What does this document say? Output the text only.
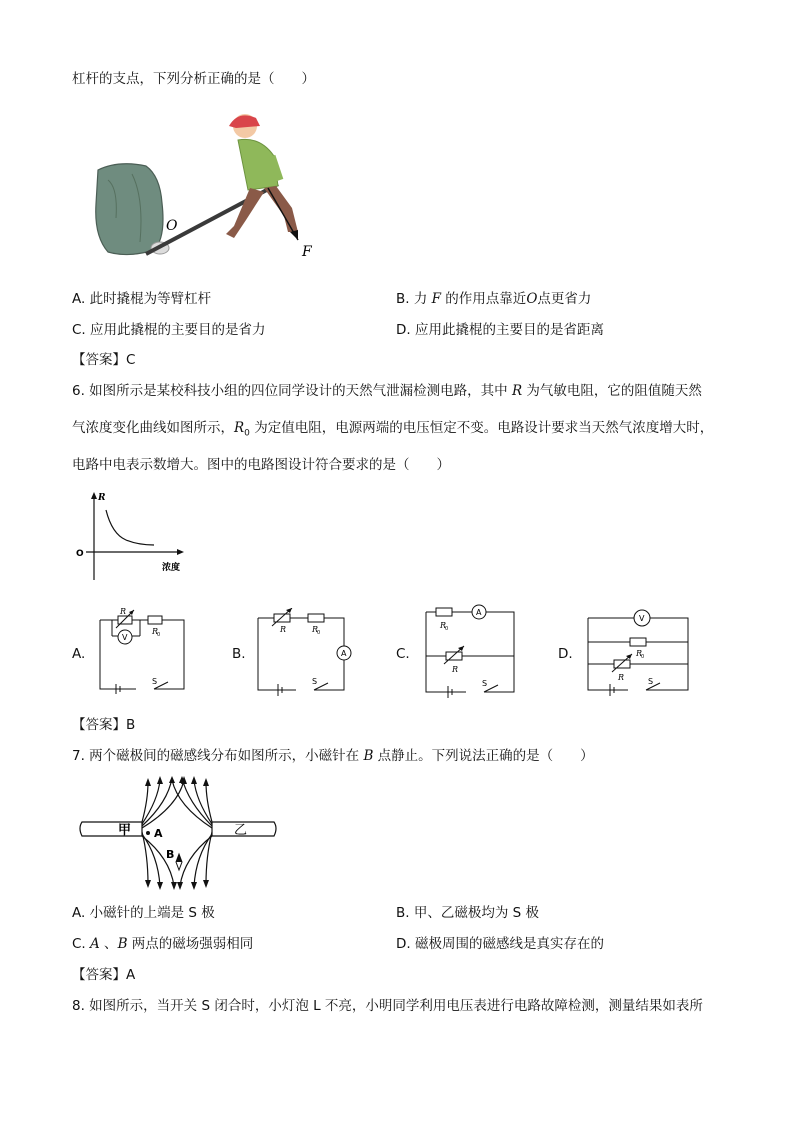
杠杆的支点，下列分析正确的是（　　）
O
F
A. 此时撬棍为等臂杠杆	B. 力 F 的作用点靠近O点更省力
C. 应用此撬棍的主要目的是省力	D. 应用此撬棍的主要目的是省距离
【答案】C
6. 如图所示是某校科技小组的四位同学设计的天然气泄漏检测电路，其中 R 为气敏电阻，它的阻值随天然
气浓度变化曲线如图所示，$R_0$ 为定值电阻，电源两端的电压恒定不变。电路设计要求当天然气浓度增大时，
电路中电表示数增大。图中的电路图设计符合要求的是（　　）
R
O
浓度
A.	B.	C.	D.
R
R
0
V
S
R	R
0
A
S
R
0
A
R
S
V
R
0
R	S
【答案】B
7. 两个磁极间的磁感线分布如图所示，小磁针在 B 点静止。下列说法正确的是（　　）
甲	乙
A
B
A. 小磁针的上端是 S 极	B. 甲、乙磁极均为 S 极
C. A 、B 两点的磁场强弱相同	D. 磁极周围的磁感线是真实存在的
【答案】A
8. 如图所示，当开关 S 闭合时，小灯泡 L 不亮，小明同学利用电压表进行电路故障检测，测量结果如表所
